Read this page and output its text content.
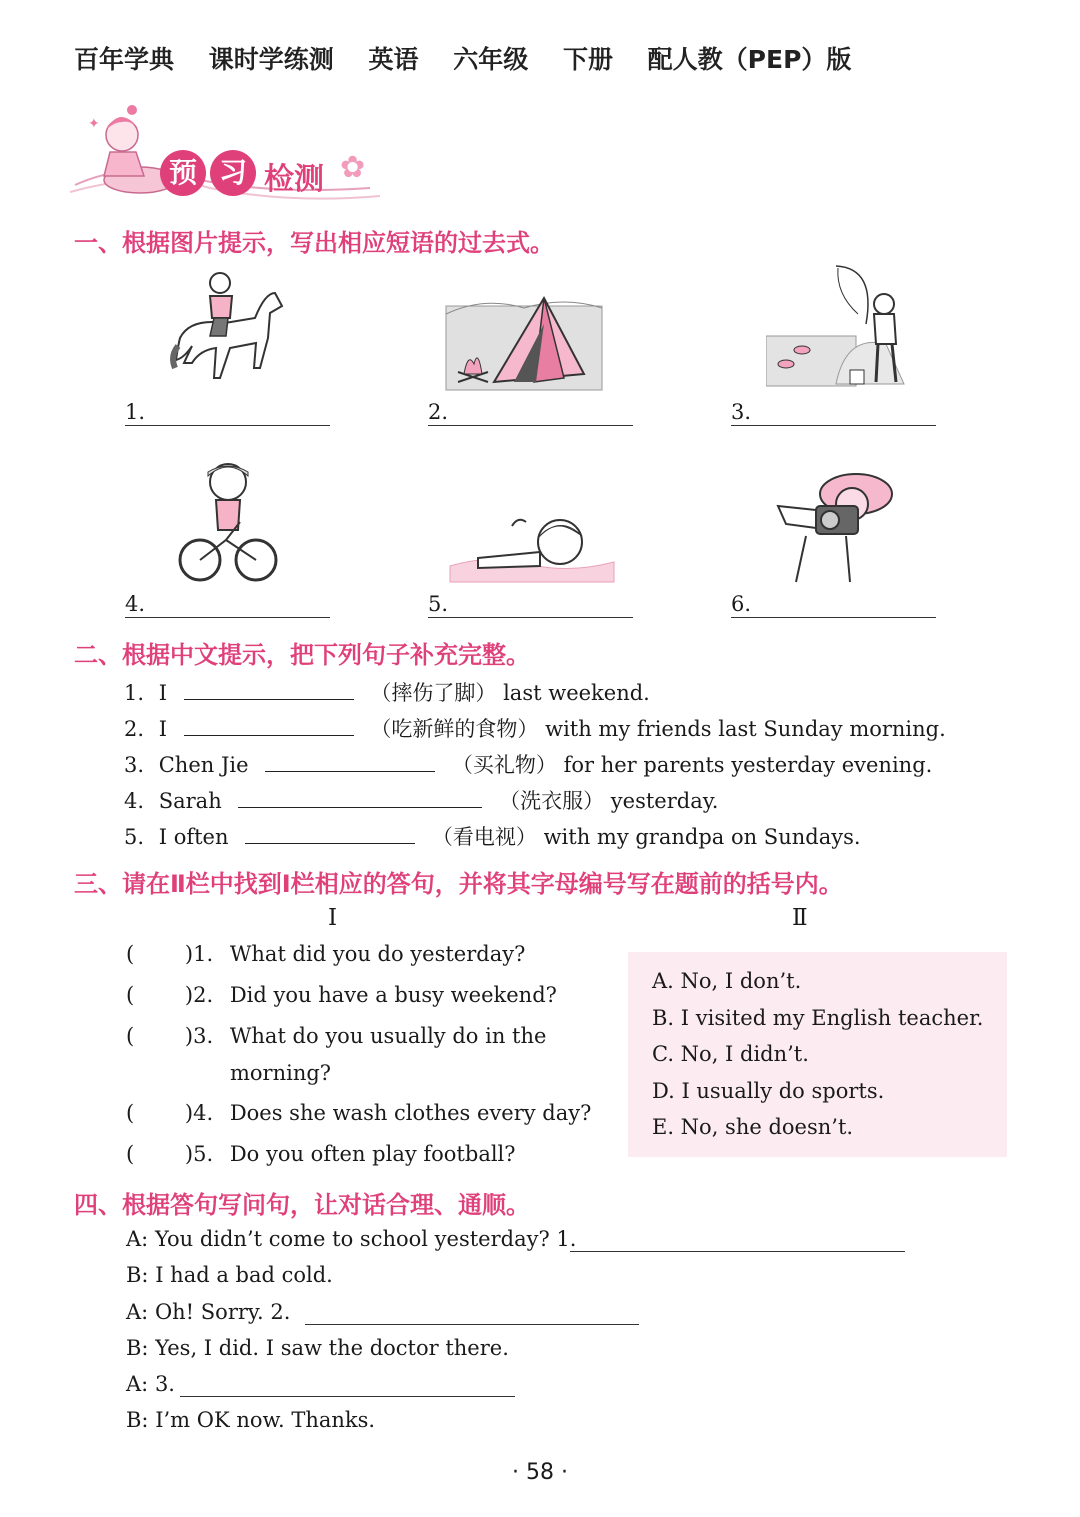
百年学典 课时学练测 英语 六年级 下册 配人教（PEP）版
✦
预 习 检测 ✿
一、根据图片提示，写出相应短语的过去式。
1.	2.	3.
4.	5.	6.
二、根据中文提示，把下列句子补充完整。
1. I	（摔伤了脚） last weekend.
2. I	（吃新鲜的食物） with my friends last Sunday morning.
3. Chen Jie	（买礼物） for her parents yesterday evening.
4. Sarah	（洗衣服） yesterday.
5. I often	（看电视） with my grandpa on Sundays.
三、请在Ⅱ栏中找到Ⅰ栏相应的答句，并将其字母编号写在题前的括号内。
Ⅰ	Ⅱ
( )1. What did you do yesterday?
( )2. Did you have a busy weekend?
( )3. What do you usually do in the
morning?
( )4. Does she wash clothes every day?
( )5. Do you often play football?
A. No, I don’t.
B. I visited my English teacher.
C. No, I didn’t.
D. I usually do sports.
E. No, she doesn’t.
四、根据答句写问句，让对话合理、通顺。
A: You didn’t come to school yesterday? 1.
B: I had a bad cold.
A: Oh! Sorry. 2.
B: Yes, I did. I saw the doctor there.
A: 3.
B: I’m OK now. Thanks.
· 58 ·
